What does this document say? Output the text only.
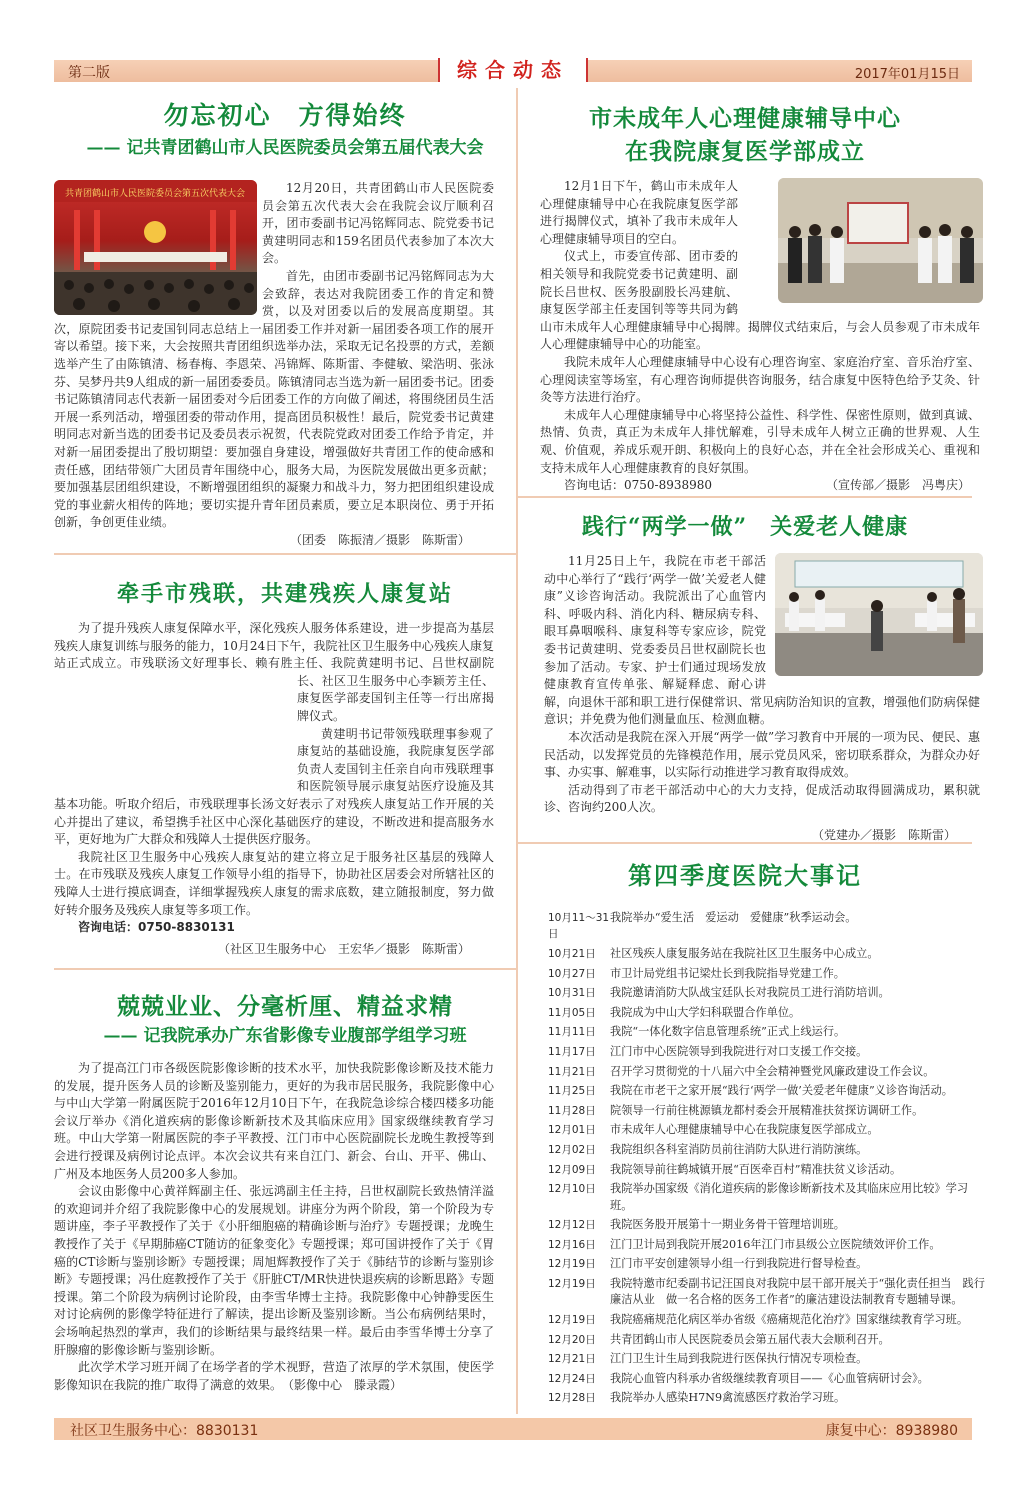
第二版	2017年01月15日
综合动态
勿忘初心　方得始终
—— 记共青团鹤山市人民医院委员会第五届代表大会
共青团鹤山市人民医院委员会第五次代表大会	12月20日，共青团鹤山市人民医院委员会第五次代表大会在我院会议厅顺利召开，团市委副书记冯铭辉同志、院党委书记黄建明同志和159名团员代表参加了本次大会。

首先，由团市委副书记冯铭辉同志为大会致辞，表达对我院团委工作的肯定和赞赏，以及对团委以后的发展高度期望。其次，原院团委书记麦国钊同志总结上一届团委工作并对新一届团委各项工作的展开寄以希望。接下来，大会按照共青团组织选举办法，采取无记名投票的方式，差额选举产生了由陈镇清、杨春梅、李恩荣、冯锦辉、陈斯雷、李健敏、梁浩明、张泳芬、吴梦丹共9人组成的新一届团委委员。陈镇清同志当选为新一届团委书记。团委书记陈镇清同志代表新一届团委对今后团委工作的方向做了阐述，将围绕团员生活开展一系列活动，增强团委的带动作用，提高团员积极性！最后，院党委书记黄建明同志对新当选的团委书记及委员表示祝贺，代表院党政对团委工作给予肯定，并对新一届团委提出了殷切期望：要加强自身建设，增强做好共青团工作的使命感和责任感，团结带领广大团员青年围绕中心，服务大局，为医院发展做出更多贡献；要加强基层团组织建设，不断增强团组织的凝聚力和战斗力，努力把团组织建设成党的事业薪火相传的阵地；要切实提升青年团员素质，要立足本职岗位、勇于开拓创新，争创更佳业绩。

（团委　陈振清／摄影　陈斯雷）
牵手市残联，共建残疾人康复站

为了提升残疾人康复保障水平，深化残疾人服务体系建设，进一步提高为基层残疾人康复训练与服务的能力，10月24日下午，我院社区卫生服务中心残疾人康复站正式成立。市残联汤文好理事长、赖有胜主任、我院黄建明书记、吕世权副院长、社区卫生服务中心李颖芳主任、康复医学部麦国钊主任等一行出席揭牌仪式。

黄建明书记带领残联理事参观了康复站的基础设施，我院康复医学部负责人麦国钊主任亲自向市残联理事和医院领导展示康复站医疗设施及其基本功能。听取介绍后，市残联理事长汤文好表示了对残疾人康复站工作开展的关心并提出了建议，希望携手社区中心深化基础医疗的建设，不断改进和提高服务水平，更好地为广大群众和残障人士提供医疗服务。

我院社区卫生服务中心残疾人康复站的建立将立足于服务社区基层的残障人士。在市残联及残疾人康复工作领导小组的指导下，协助社区居委会对所辖社区的残障人士进行摸底调查，详细掌握残疾人康复的需求底数，建立随报制度，努力做好转介服务及残疾人康复等多项工作。

咨询电话：0750-8830131
（社区卫生服务中心　王宏华／摄影　陈斯雷）
兢兢业业、分毫析厘、精益求精
—— 记我院承办广东省影像专业腹部学组学习班

为了提高江门市各级医院影像诊断的技术水平，加快我院影像诊断及技术能力的发展，提升医务人员的诊断及鉴别能力，更好的为我市居民服务，我院影像中心与中山大学第一附属医院于2016年12月10日下午，在我院急诊综合楼四楼多功能会议厅举办《消化道疾病的影像诊断新技术及其临床应用》国家级继续教育学习班。中山大学第一附属医院的李子平教授、江门市中心医院副院长龙晚生教授等到会进行授课及病例讨论点评。本次会议共有来自江门、新会、台山、开平、佛山、广州及本地医务人员200多人参加。

会议由影像中心黄祥辉副主任、张远鸿副主任主持，吕世权副院长致热情洋溢的欢迎词并介绍了我院影像中心的发展规划。讲座分为两个阶段，第一个阶段为专题讲座，李子平教授作了关于《小肝细胞癌的精确诊断与治疗》专题授课；龙晚生教授作了关于《早期肺癌CT随访的征象变化》专题授课；郑可国讲授作了关于《胃癌的CT诊断与鉴别诊断》专题授课；周旭辉教授作了关于《肺结节的诊断与鉴别诊断》专题授课；冯仕庭教授作了关于《肝脏CT/MR快进快退疾病的诊断思路》专题授课。第二个阶段为病例讨论阶段，由李雪华博士主持。我院影像中心钟静雯医生对讨论病例的影像学特征进行了解读，提出诊断及鉴别诊断。当公布病例结果时，会场响起热烈的掌声，我们的诊断结果与最终结果一样。最后由李雪华博士分享了肝腺瘤的影像诊断与鉴别诊断。

此次学术学习班开阔了在场学者的学术视野，营造了浓厚的学术氛围，使医学影像知识在我院的推广取得了满意的效果。　 （影像中心　滕录霞）

市未成年人心理健康辅导中心
在我院康复医学部成立

12月1日下午，鹤山市未成年人心理健康辅导中心在我院康复医学部进行揭牌仪式，填补了我市未成年人心理健康辅导项目的空白。

仪式上，市委宣传部、团市委的相关领导和我院党委书记黄建明、副院长吕世权、医务股副股长冯建航、康复医学部主任麦国钊等等共同为鹤山市未成年人心理健康辅导中心揭牌。揭牌仪式结束后，与会人员参观了市未成年人心理健康辅导中心的功能室。

我院未成年人心理健康辅导中心设有心理咨询室、家庭治疗室、音乐治疗室、心理阅读室等场室，有心理咨询师提供咨询服务，结合康复中医特色给予艾灸、针灸等方法进行治疗。

未成年人心理健康辅导中心将坚持公益性、科学性、保密性原则，做到真诚、热情、负责，真正为未成年人排忧解难，引导未成年人树立正确的世界观、人生观、价值观，养成乐观开朗、积极向上的良好心态，并在全社会形成关心、重视和支持未成年人心理健康教育的良好氛围。

咨询电话：0750-8938980	（宣传部／摄影　冯粤庆）
践行“两学一做”　关爱老人健康

11月25日上午，我院在市老干部活动中心举行了“践行‘两学一做’关爱老人健康”义诊咨询活动。我院派出了心血管内科、呼吸内科、消化内科、糖尿病专科、眼耳鼻咽喉科、康复科等专家应诊，院党委书记黄建明、党委委员吕世权副院长也参加了活动。专家、护士们通过现场发放健康教育宣传单张、解疑释虑、耐心讲解，向退休干部和职工进行保健常识、常见病防治知识的宣教，增强他们防病保健意识；并免费为他们测量血压、检测血糖。

本次活动是我院在深入开展“两学一做”学习教育中开展的一项为民、便民、惠民活动，以发挥党员的先锋模范作用，展示党员风采，密切联系群众，为群众办好事、办实事、解难事，以实际行动推进学习教育取得成效。

活动得到了市老干部活动中心的大力支持，促成活动取得圆满成功，累积就诊、咨询约200人次。

（党建办／摄影　陈斯雷）
第四季度医院大事记
10月11～31日
我院举办“爱生活　爱运动　爱健康”秋季运动会。
10月21日	社区残疾人康复服务站在我院社区卫生服务中心成立。
10月27日	市卫计局党组书记梁灶长到我院指导党建工作。
10月31日	我院邀请消防大队战宝廷队长对我院员工进行消防培训。
11月05日	我院成为中山大学妇科联盟合作单位。
11月11日	我院“一体化数字信息管理系统”正式上线运行。
11月17日	江门市中心医院领导到我院进行对口支援工作交接。
11月21日	召开学习贯彻党的十八届六中全会精神暨党风廉政建设工作会议。
11月25日	我院在市老干之家开展“践行‘两学一做’关爱老年健康”义诊咨询活动。
11月28日	院领导一行前往桃源镇龙都村委会开展精准扶贫探访调研工作。
12月01日	市未成年人心理健康辅导中心在我院康复医学部成立。
12月02日	我院组织各科室消防员前往消防大队进行消防演练。
12月09日	我院领导前往鹤城镇开展“百医牵百村”精准扶贫义诊活动。
12月10日	我院举办国家级《消化道疾病的影像诊断新技术及其临床应用比较》学习班。
12月12日	我院医务股开展第十一期业务骨干管理培训班。
12月16日	江门卫计局到我院开展2016年江门市县级公立医院绩效评价工作。
12月19日	江门市平安创建领导小组一行到我院进行督导检查。
12月19日	我院特邀市纪委副书记汪国良对我院中层干部开展关于“强化责任担当　践行廉洁从业　做一名合格的医务工作者”的廉洁建设法制教育专题辅导课。
12月19日	我院癌痛规范化病区举办省级《癌痛规范化治疗》国家继续教育学习班。
12月20日	共青团鹤山市人民医院委员会第五届代表大会顺利召开。
12月21日	江门卫生计生局到我院进行医保执行情况专项检查。
12月24日	我院心血管内科承办省级继续教育项目——《心血管病研讨会》。
12月28日	我院举办人感染H7N9禽流感医疗救治学习班。
社区卫生服务中心：8830131	康复中心：8938980
